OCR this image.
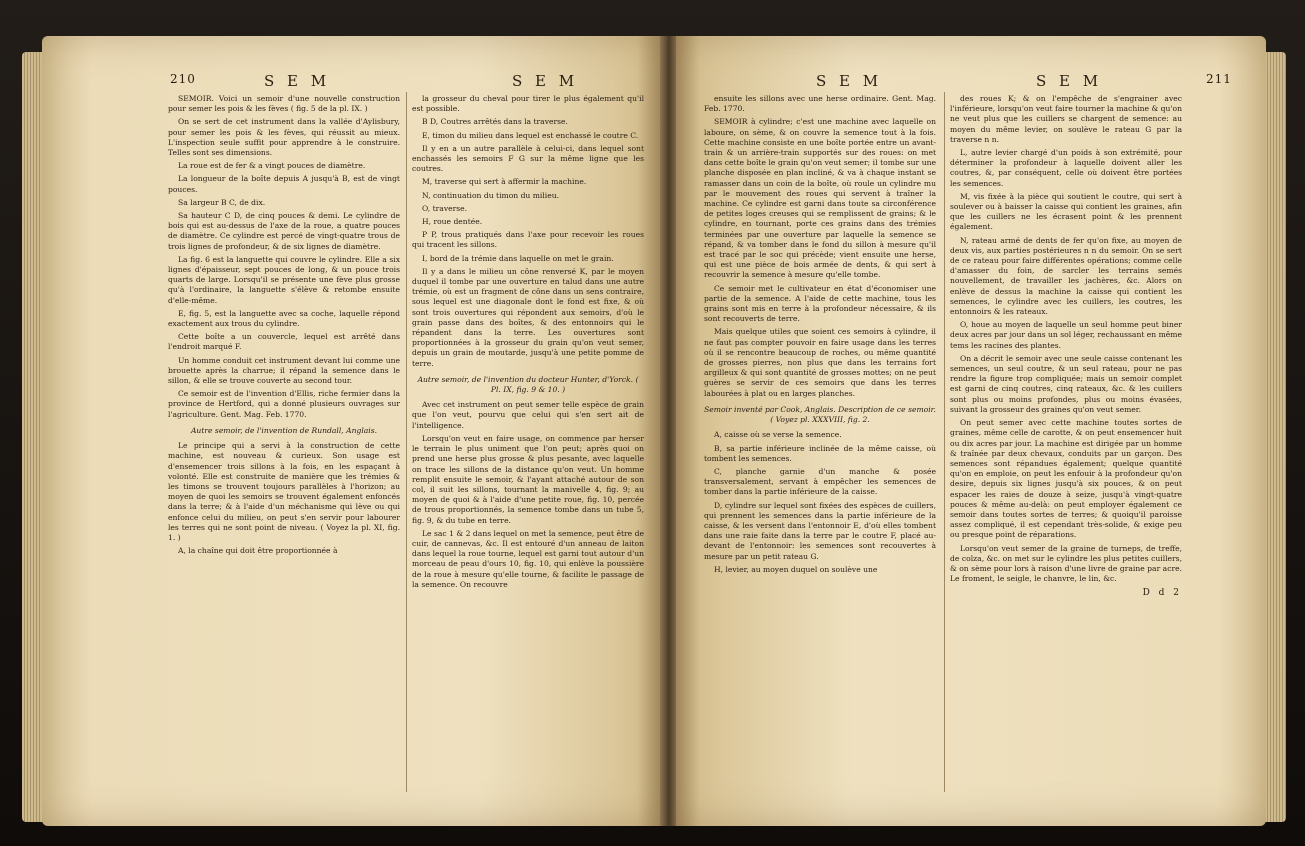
210	S E M	S E M

SEMOIR. Voici un semoir d'une nouvelle construction pour semer les pois & les fèves ( fig. 5 de la pl. IX. )

On se sert de cet instrument dans la vallée d'Aylisbury, pour semer les pois & les fèves, qui réussit au mieux. L'inspection seule suffit pour apprendre à le construire. Telles sont ses dimensions.

La roue est de fer & a vingt pouces de diamètre.

La longueur de la boîte depuis A jusqu'à B, est de vingt pouces.

Sa largeur B C, de dix.

Sa hauteur C D, de cinq pouces & demi. Le cylindre de bois qui est au-dessus de l'axe de la roue, a quatre pouces de diamètre. Ce cylindre est percé de vingt-quatre trous de trois lignes de profondeur, & de six lignes de diamètre.

La fig. 6 est la languette qui couvre le cylindre. Elle a six lignes d'épaisseur, sept pouces de long, & un pouce trois quarts de large. Lorsqu'il se présente une fève plus grosse qu'à l'ordinaire, la languette s'élève & retombe ensuite d'elle-même.

E, fig. 5, est la languette avec sa coche, laquelle répond exactement aux trous du cylindre.

Cette boîte a un couvercle, lequel est arrêté dans l'endroit marqué F.

Un homme conduit cet instrument devant lui comme une brouette après la charrue; il répand la semence dans le sillon, & elle se trouve couverte au second tour.

Ce semoir est de l'invention d'Ellis, riche fermier dans la province de Hertford, qui a donné plusieurs ouvrages sur l'agriculture. Gent. Mag. Feb. 1770.

Autre semoir, de l'invention de Rundall, Anglais.

Le principe qui a servi à la construction de cette machine, est nouveau & curieux. Son usage est d'ensemencer trois sillons à la fois, en les espaçant à volonté. Elle est construite de manière que les trémies & les timons se trouvent toujours parallèles à l'horizon; au moyen de quoi les semoirs se trouvent également enfoncés dans la terre; & à l'aide d'un méchanisme qui lève ou qui enfonce celui du milieu, on peut s'en servir pour labourer les terres qui ne sont point de niveau. ( Voyez la pl. XI, fig. 1. )

A, la chaîne qui doit être proportionnée à

la grosseur du cheval pour tirer le plus également qu'il est possible.

B D, Coutres arrêtés dans la traverse.

E, timon du milieu dans lequel est enchassé le coutre C.

Il y en a un autre parallèle à celui-ci, dans lequel sont enchassés les semoirs F G sur la même ligne que les coutres.

M, traverse qui sert à affermir la machine.

N, continuation du timon du milieu.

O, traverse.

H, roue dentée.

P P, trous pratiqués dans l'axe pour recevoir les roues qui tracent les sillons.

I, bord de la trémie dans laquelle on met le grain.

Il y a dans le milieu un cône renversé K, par le moyen duquel il tombe par une ouverture en talud dans une autre trémie, où est un fragment de cône dans un sens contraire, sous lequel est une diagonale dont le fond est fixe, & où sont trois ouvertures qui répondent aux semoirs, d'où le grain passe dans des boîtes, & des entonnoirs qui le répandent dans la terre. Les ouvertures sont proportionnées à la grosseur du grain qu'on veut semer, depuis un grain de moutarde, jusqu'à une petite pomme de terre.

Autre semoir, de l'invention du docteur Hunter, d'Yorck. ( Pl. IX, fig. 9 & 10. )

Avec cet instrument on peut semer telle espèce de grain que l'on veut, pourvu que celui qui s'en sert ait de l'intelligence.

Lorsqu'on veut en faire usage, on commence par herser le terrain le plus uniment que l'on peut; après quoi on prend une herse plus grosse & plus pesante, avec laquelle on trace les sillons de la distance qu'on veut. Un homme remplit ensuite le semoir, & l'ayant attaché autour de son col, il suit les sillons, tournant la manivelle 4, fig. 9; au moyen de quoi & à l'aide d'une petite roue, fig. 10, percée de trous proportionnés, la semence tombe dans un tube 5, fig. 9, & du tube en terre.

Le sac 1 & 2 dans lequel on met la semence, peut être de cuir, de cannevas, &c. Il est entouré d'un anneau de laiton dans lequel la roue tourne, lequel est garni tout autour d'un morceau de peau d'ours 10, fig. 10, qui enlève la poussière de la roue à mesure qu'elle tourne, & facilite le passage de la semence. On recouvre

S E M	S E M	211

ensuite les sillons avec une herse ordinaire. Gent. Mag. Feb. 1770.

SEMOIR à cylindre; c'est une machine avec laquelle on laboure, on sème, & on couvre la semence tout à la fois. Cette machine consiste en une boîte portée entre un avant-train & un arrière-train supportés sur des roues: on met dans cette boîte le grain qu'on veut semer; il tombe sur une planche disposée en plan incliné, & va à chaque instant se ramasser dans un coin de la boîte, où roule un cylindre mu par le mouvement des roues qui servent à traîner la machine. Ce cylindre est garni dans toute sa circonférence de petites loges creuses qui se remplissent de grains; & le cylindre, en tournant, porte ces grains dans des trémies terminées par une ouverture par laquelle la semence se répand, & va tomber dans le fond du sillon à mesure qu'il est tracé par le soc qui précède; vient ensuite une herse, qui est une pièce de bois armée de dents, & qui sert à recouvrir la semence à mesure qu'elle tombe.

Ce semoir met le cultivateur en état d'économiser une partie de la semence. A l'aide de cette machine, tous les grains sont mis en terre à la profondeur nécessaire, & ils sont recouverts de terre.

Mais quelque utiles que soient ces semoirs à cylindre, il ne faut pas compter pouvoir en faire usage dans les terres où il se rencontre beaucoup de roches, ou même quantité de grosses pierres, non plus que dans les terrains fort argilleux & qui sont quantité de grosses mottes; on ne peut guères se servir de ces semoirs que dans les terres labourées à plat ou en larges planches.

Semoir inventé par Cook, Anglais. Description de ce semoir. ( Voyez pl. XXXVIII, fig. 2.

A, caisse où se verse la semence.

B, sa partie inférieure inclinée de la même caisse, où tombent les semences.

C, planche garnie d'un manche & posée transversalement, servant à empêcher les semences de tomber dans la partie inférieure de la caisse.

D, cylindre sur lequel sont fixées des espèces de cuillers, qui prennent les semences dans la partie inférieure de la caisse, & les versent dans l'entonnoir E, d'où elles tombent dans une raie faite dans la terre par le coutre F, placé au-devant de l'entonnoir: les semences sont recouvertes à mesure par un petit rateau G.

H, levier, au moyen duquel on soulève une

des roues K; & on l'empêche de s'engrainer avec l'inférieure, lorsqu'on veut faire tourner la machine & qu'on ne veut plus que les cuillers se chargent de semence: au moyen du même levier, on soulève le rateau G par la traverse n n.

L, autre levier chargé d'un poids à son extrémité, pour déterminer la profondeur à laquelle doivent aller les coutres, &, par conséquent, celle où doivent être portées les semences.

M, vis fixée à la pièce qui soutient le coutre, qui sert à soulever ou à baisser la caisse qui contient les graines, afin que les cuillers ne les écrasent point & les prennent également.

N, rateau armé de dents de fer qu'on fixe, au moyen de deux vis, aux parties postérieures n n du semoir. On se sert de ce rateau pour faire différentes opérations; comme celle d'amasser du foin, de sarcler les terrains semés nouvellement, de travailler les jachères, &c. Alors on enlève de dessus la machine la caisse qui contient les semences, le cylindre avec les cuillers, les coutres, les entonnoirs & les rateaux.

O, houe au moyen de laquelle un seul homme peut biner deux acres par jour dans un sol léger, rechaussant en même tems les racines des plantes.

On a décrit le semoir avec une seule caisse contenant les semences, un seul coutre, & un seul rateau, pour ne pas rendre la figure trop compliquée; mais un semoir complet est garni de cinq coutres, cinq rateaux, &c. & les cuillers sont plus ou moins profondes, plus ou moins évasées, suivant la grosseur des graines qu'on veut semer.

On peut semer avec cette machine toutes sortes de graines, même celle de carotte, & on peut ensemencer huit ou dix acres par jour. La machine est dirigée par un homme & traînée par deux chevaux, conduits par un garçon. Des semences sont répandues également; quelque quantité qu'on en emploie, on peut les enfouir à la profondeur qu'on desire, depuis six lignes jusqu'à six pouces, & on peut espacer les raies de douze à seize, jusqu'à vingt-quatre pouces & même au-delà: on peut employer également ce semoir dans toutes sortes de terres; & quoiqu'il paroisse assez compliqué, il est cependant très-solide, & exige peu ou presque point de réparations.

Lorsqu'on veut semer de la graine de turneps, de treffe, de colza, &c. on met sur le cylindre les plus petites cuillers, & on sème pour lors à raison d'une livre de graine par acre. Le froment, le seigle, le chanvre, le lin, &c.

D d 2
